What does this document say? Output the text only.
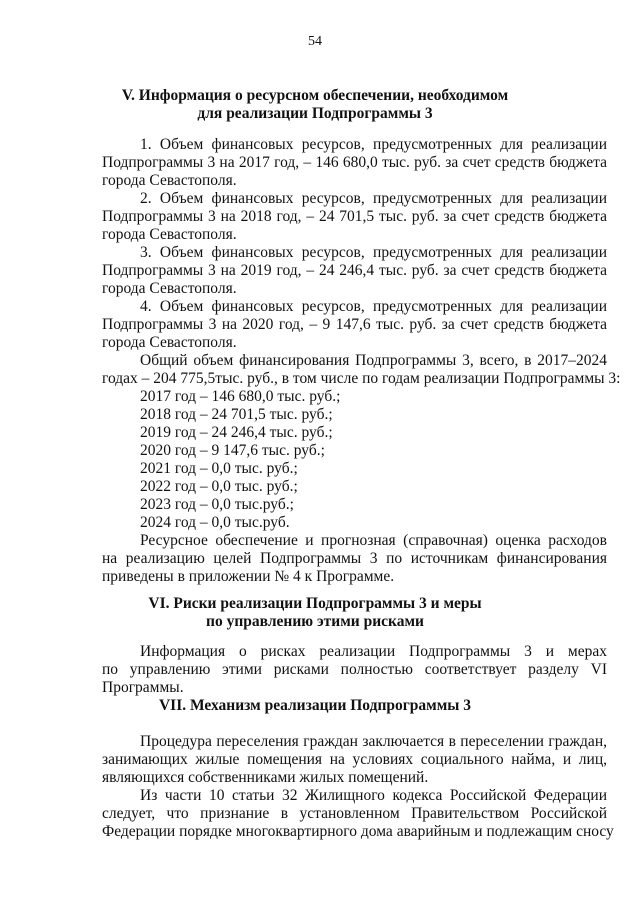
54
V. Информация о ресурсном обеспечении, необходимом
для реализации Подпрограммы 3
1. Объем финансовых ресурсов, предусмотренных для реализации
Подпрограммы 3 на 2017 год, – 146 680,0 тыс. руб. за счет средств бюджета
города Севастополя.
2. Объем финансовых ресурсов, предусмотренных для реализации
Подпрограммы 3 на 2018 год, – 24 701,5 тыс. руб. за счет средств бюджета
города Севастополя.
3. Объем финансовых ресурсов, предусмотренных для реализации
Подпрограммы 3 на 2019 год, – 24 246,4 тыс. руб. за счет средств бюджета
города Севастополя.
4. Объем финансовых ресурсов, предусмотренных для реализации
Подпрограммы 3 на 2020 год, – 9 147,6 тыс. руб. за счет средств бюджета
города Севастополя.
Общий объем финансирования Подпрограммы 3, всего, в 2017–2024
годах – 204 775,5тыс. руб., в том числе по годам реализации Подпрограммы 3:
2017 год – 146 680,0 тыс. руб.;
2018 год – 24 701,5 тыс. руб.;
2019 год – 24 246,4 тыс. руб.;
2020 год – 9 147,6 тыс. руб.;
2021 год – 0,0 тыс. руб.;
2022 год – 0,0 тыс. руб.;
2023 год – 0,0 тыс.руб.;
2024 год – 0,0 тыс.руб.
Ресурсное обеспечение и прогнозная (справочная) оценка расходов
на реализацию целей Подпрограммы 3 по источникам финансирования
приведены в приложении № 4 к Программе.
VI. Риски реализации Подпрограммы 3 и меры
по управлению этими рисками
Информация о рисках реализации Подпрограммы 3 и мерах
по управлению этими рисками полностью соответствует разделу VI
Программы.
VII. Механизм реализации Подпрограммы 3
Процедура переселения граждан заключается в переселении граждан,
занимающих жилые помещения на условиях социального найма, и лиц,
являющихся собственниками жилых помещений.
Из части 10 статьи 32 Жилищного кодекса Российской Федерации
следует, что признание в установленном Правительством Российской
Федерации порядке многоквартирного дома аварийным и подлежащим сносу
